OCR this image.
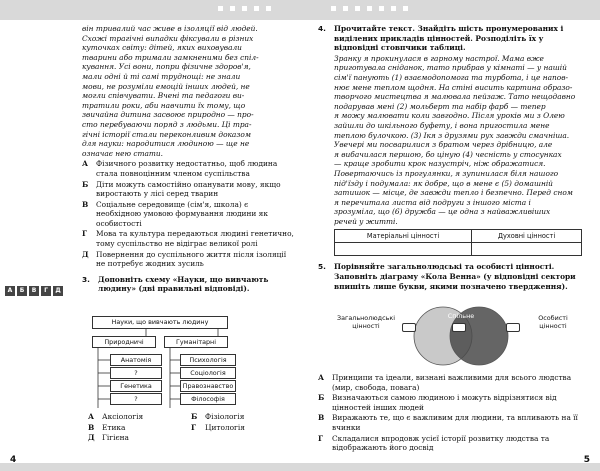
він тривалий час живе в ізоляції від людей.

Схожі трагічні випадки фіксували в різних

куточках світу: дітей, яких виховували

тварини або тримали замкненими без спіл-

кування. Усі вони, попри фізичне здоров'я,

мали одні й ті самі труднощі: не знали

мови, не розуміли емоцій інших людей, не

могли співчувати. Вчені та педагоги ви-

тратили роки, аби навчити їх тому, що

звичайна дитина засвоює природно — про-

сто перебуваючи поряд з людьми. Ці тра-

гічні історії стали переконливим доказом

для науки: народитися людиною — ще не

означає нею стати.

А	Фізичного розвитку недостатньо, щоб людина стала повноцінним членом суспільства
Б	Діти можуть самостійно опанувати мову, якщо виростають у лісі серед тварин
В	Соціальне середовище (сім'я, школа) є необхідною умовою формування людини як особистості
Г	Мова та культура передаються людині генетично, тому суспільство не відіграє великої ролі
Д	Повернення до суспільного життя після ізоляції не потребує жодних зусиль
3.	Доповніть схему «Науки, що вивчають людину» (дві правильні відповіді).
А	Б	В	Г	Д
Науки, що вивчають людину
Природничі	Гуманітарні
Анатомія
?
Генетика
?
Психологія
Соціологія
Правознавство
Філософія
А	Аксіологія	Б	Фізіологія
В	Етика	Г	Цитологія
Д	Гігієна
4.	Прочитайте текст. Знайдіть шість пронумерованих і виділених прикладів цінностей. Розподіліть їх у відповідні стовпчики таблиці.

Зранку я прокинулася в гарному настрої. Мама вже

приготувала сніданок, тато прибрав у кімнаті — у нашій

сім'ї панують (1) взаємодопомога та турбота, і це напов-

нює мене теплом щодня. На стіні висить картина образо-

творчого мистецтва я малювала пейзаж. Тато нещодавно

подарував мені (2) мольберт та набір фарб — тепер

я можу малювати коли завгодно. Після уроків ми з Олею

зайшли до шкільного буфету, і вона пригостила мене

теплою булочкою. (3) Ікя з друзями рух завжди смачніша.

Увечері ми посварилися з братом через дрібницю, але

я вибачилася першою, бо ціную (4) чесність у стосунках

— краще зробити крок назустріч, ніж ображатися.

Повертаючись із прогулянки, я зупинилася біля нашого

під'їзду і подумала: як добре, що в мене є (5) домашній

затишок — місце, де завжди тепло і безпечно. Перед сном

я перечитала листа від подруги з іншого міста і

зрозуміла, що (6) дружба — це одна з найважливіших

речей у житті.

Матеріальні цінності	Духовні цінності

5.	Порівняйте загальнолюдські та особисті цінності. Заповніть діаграму «Кола Венна» (у відповідні сектори впишіть лише букви, якими позначено твердження).
Загальнолюдські
цінності
Спільне	Особисті
цінності
А	Принципи та ідеали, визнані важливими для всього людства (мир, свобода, повага)
Б	Визначаються самою людиною і можуть відрізнятися від цінностей інших людей
В	Виражають те, що є важливим для людини, та впливають на її вчинки
Г	Складалися впродовж усієї історії розвитку людства та відображають його досвід
4	5
